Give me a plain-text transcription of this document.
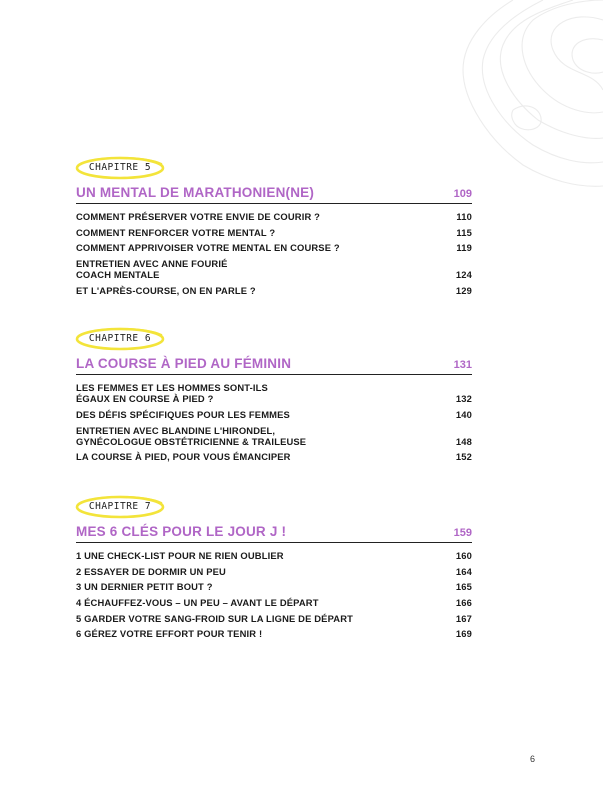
CHAPITRE 5
UN MENTAL DE MARATHONIEN(NE)	109
COMMENT PRÉSERVER VOTRE ENVIE DE COURIR ?	110
COMMENT RENFORCER VOTRE MENTAL ?	115
COMMENT APPRIVOISER VOTRE MENTAL EN COURSE ?	119
ENTRETIEN AVEC ANNE FOURIÉ
COACH MENTALE	124
ET L'APRÈS-COURSE, ON EN PARLE ?	129
CHAPITRE 6
LA COURSE À PIED AU FÉMININ	131
LES FEMMES ET LES HOMMES SONT-ILS
ÉGAUX EN COURSE À PIED ?	132
DES DÉFIS SPÉCIFIQUES POUR LES FEMMES	140
ENTRETIEN AVEC BLANDINE L'HIRONDEL,
GYNÉCOLOGUE OBSTÉTRICIENNE & TRAILEUSE	148
LA COURSE À PIED, POUR VOUS ÉMANCIPER	152
CHAPITRE 7
MES 6 CLÉS POUR LE JOUR J !	159
1 UNE CHECK-LIST POUR NE RIEN OUBLIER	160
2 ESSAYER DE DORMIR UN PEU	164
3 UN DERNIER PETIT BOUT ?	165
4 ÉCHAUFFEZ-VOUS – UN PEU – AVANT LE DÉPART	166
5 GARDER VOTRE SANG-FROID SUR LA LIGNE DE DÉPART	167
6 GÉREZ VOTRE EFFORT POUR TENIR !	169
6
